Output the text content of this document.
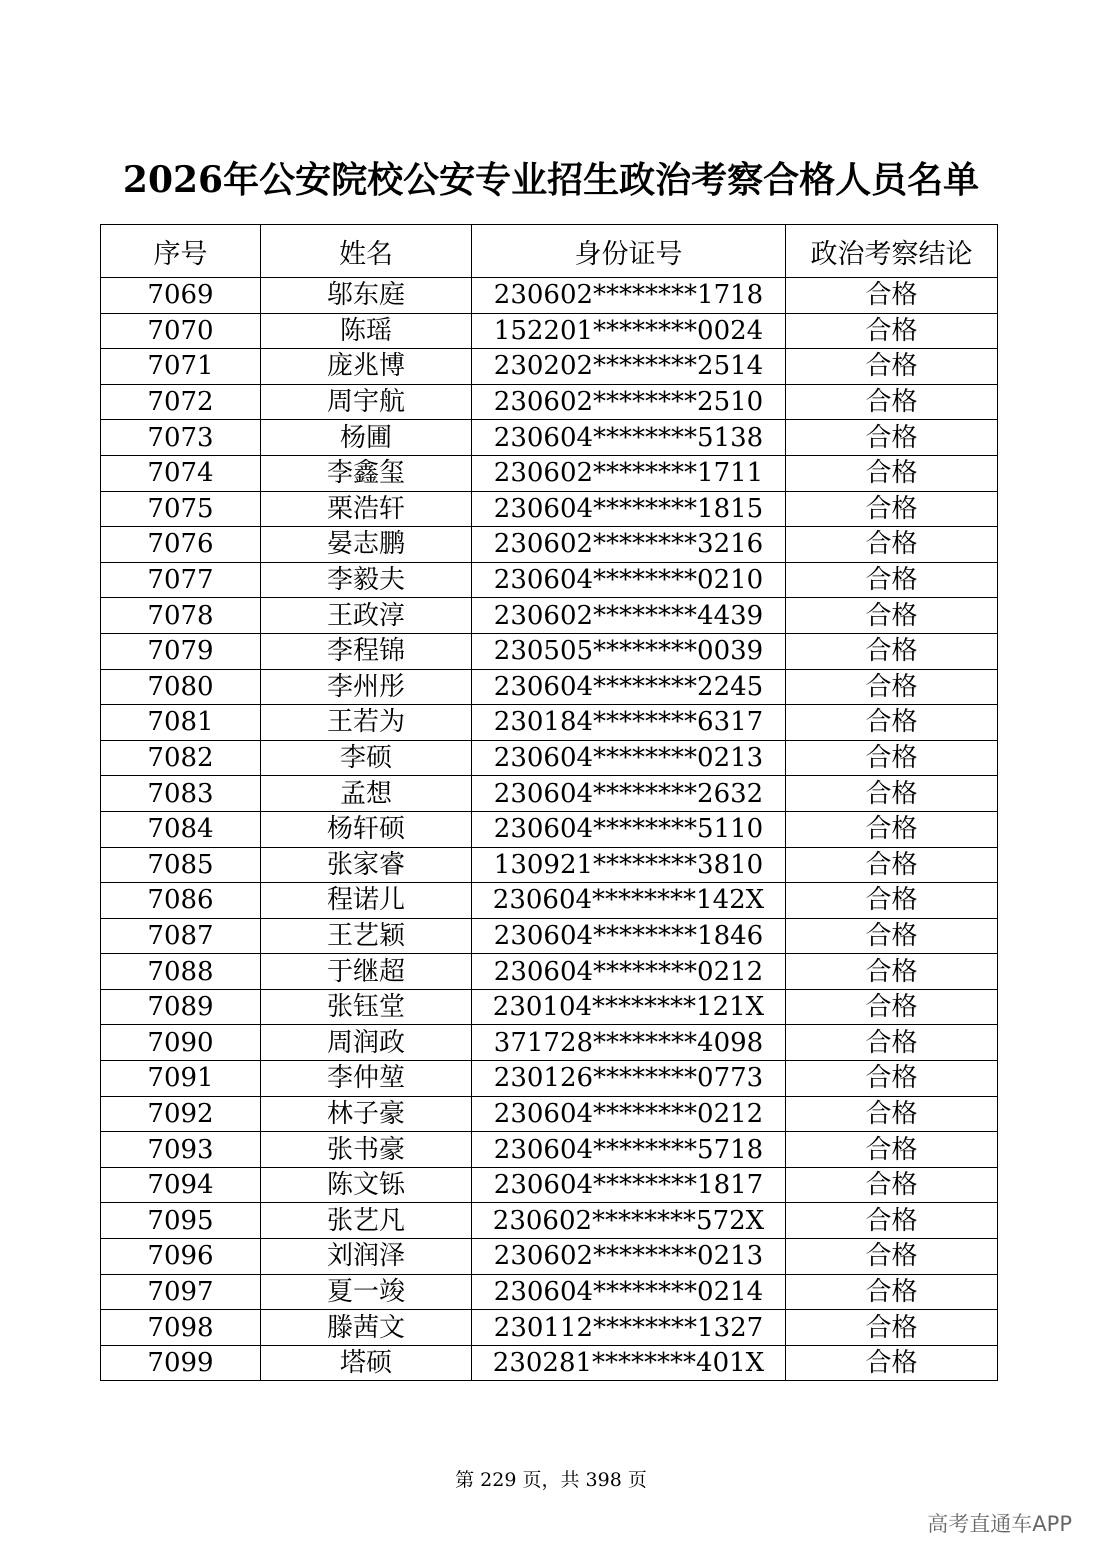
2026年公安院校公安专业招生政治考察合格人员名单
序号	姓名	身份证号	政治考察结论
7069	邬东庭	230602********1718	合格
7070	陈瑶	152201********0024	合格
7071	庞兆博	230202********2514	合格
7072	周宇航	230602********2510	合格
7073	杨圃	230604********5138	合格
7074	李鑫玺	230602********1711	合格
7075	栗浩轩	230604********1815	合格
7076	晏志鹏	230602********3216	合格
7077	李毅夫	230604********0210	合格
7078	王政淳	230602********4439	合格
7079	李程锦	230505********0039	合格
7080	李州彤	230604********2245	合格
7081	王若为	230184********6317	合格
7082	李硕	230604********0213	合格
7083	孟想	230604********2632	合格
7084	杨轩硕	230604********5110	合格
7085	张家睿	130921********3810	合格
7086	程诺儿	230604********142X	合格
7087	王艺颖	230604********1846	合格
7088	于继超	230604********0212	合格
7089	张钰堂	230104********121X	合格
7090	周润政	371728********4098	合格
7091	李仲堃	230126********0773	合格
7092	林子豪	230604********0212	合格
7093	张书豪	230604********5718	合格
7094	陈文铄	230604********1817	合格
7095	张艺凡	230602********572X	合格
7096	刘润泽	230602********0213	合格
7097	夏一竣	230604********0214	合格
7098	滕茜文	230112********1327	合格
7099	塔硕	230281********401X	合格
第 229 页，共 398 页
高考直通车APP
